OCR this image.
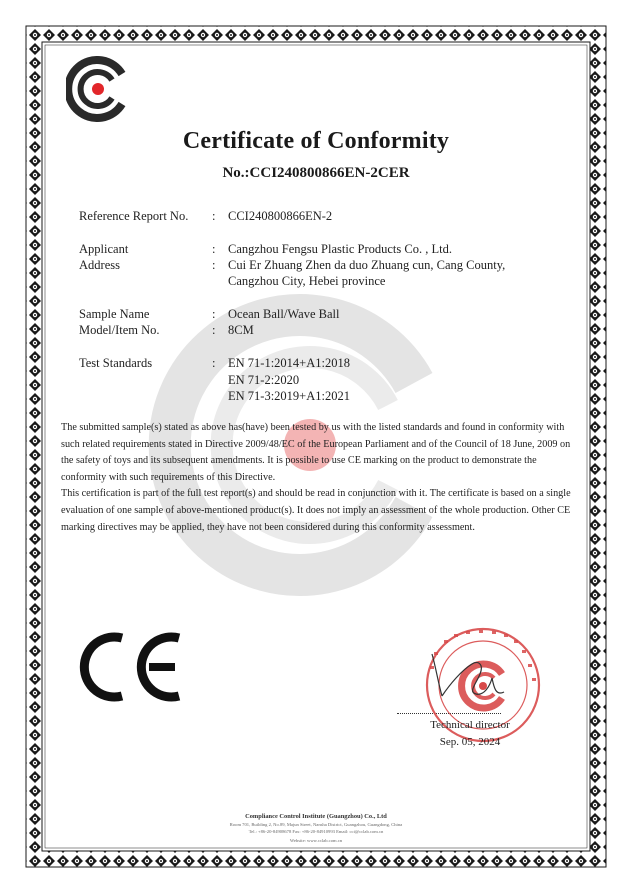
Certificate of Conformity
No.:CCI240800866EN-2CER
Reference Report No. : CCI240800866EN-2
Applicant	: Cangzhou Fengsu Plastic Products Co. , Ltd.
Address	: Cui Er Zhuang Zhen da duo Zhuang cun, Cang County,
Cangzhou City, Hebei province
Sample Name	: Ocean Ball/Wave Ball
Model/Item No.	: 8CM
Test Standards	: EN 71-1:2014+A1:2018
EN 71-2:2020
EN 71-3:2019+A1:2021

The submitted sample(s) stated as above has(have) been tested by us with the listed standards and found in conformity with such related requirements stated in Directive 2009/48/EC of the European Parliament and of the Council of 18 June, 2009 on the safety of toys and its subsequent amendments. It is possible to use CE marking on the product to demonstrate the conformity with such requirements of this Directive.

This certification is part of the full test report(s) and should be read in conjunction with it. The certificate is based on a single evaluation of one sample of above-mentioned product(s). It does not imply an assessment of the whole production. Other CE marking directives may be applied, they have not been considered during this conformity assessment.

Technical director
Sep. 05, 2024
Compliance Control Institute (Guangzhou) Co., Ltd
Room 701, Building 2, No.89, Majun Street, Nansha District, Guangzhou, Guangdong, China
Tel.: +86-20-84908678 Fax: +86-20-84910993 Email: cci@cclab.com.cn
Website: www.cclab.com.cn
